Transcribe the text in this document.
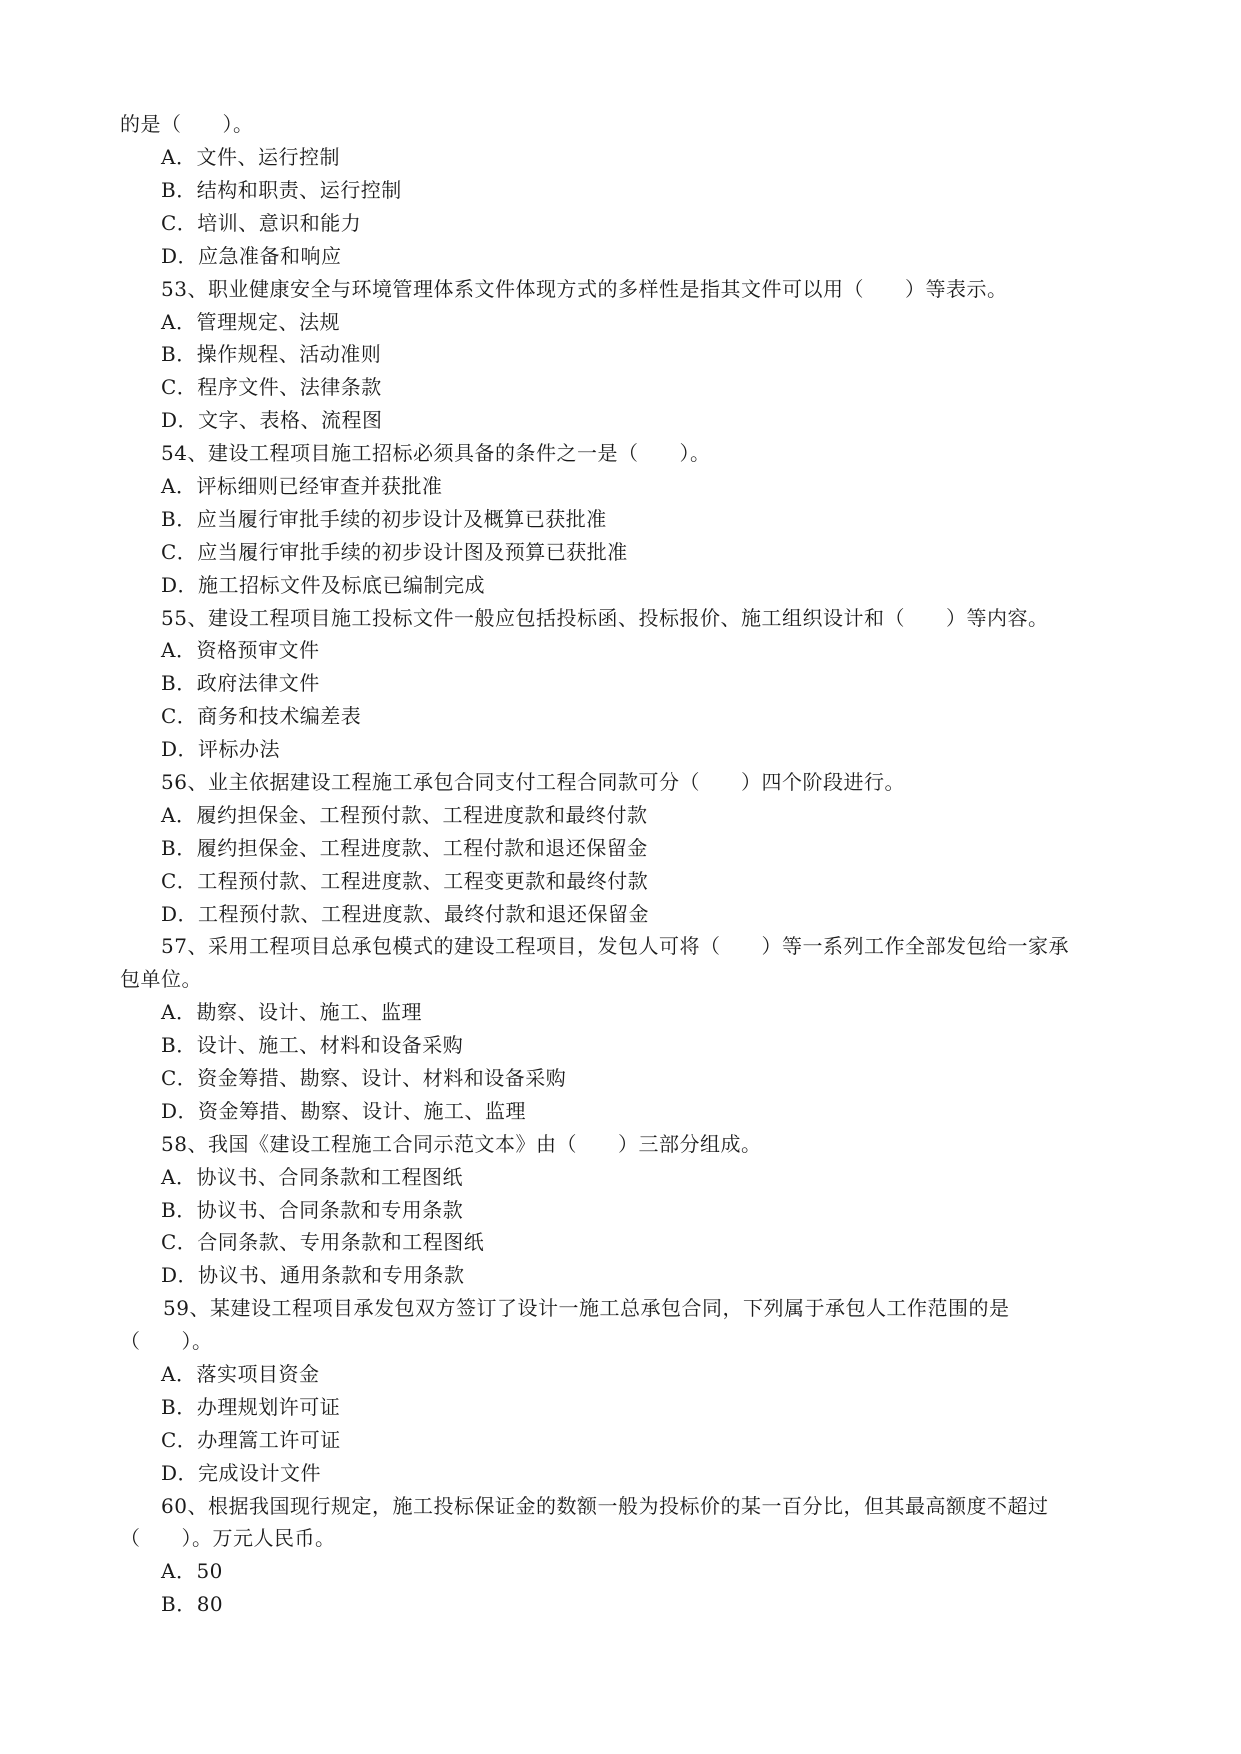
的是（　　）。
A．文件、运行控制
B．结构和职责、运行控制
C．培训、意识和能力
D．应急准备和响应
53、职业健康安全与环境管理体系文件体现方式的多样性是指其文件可以用（　　）等表示。
A．管理规定、法规
B．操作规程、活动准则
C．程序文件、法律条款
D．文字、表格、流程图
54、建设工程项目施工招标必须具备的条件之一是（　　）。
A．评标细则已经审查并获批准
B．应当履行审批手续的初步设计及概算已获批准
C．应当履行审批手续的初步设计图及预算已获批准
D．施工招标文件及标底已编制完成
55、建设工程项目施工投标文件一般应包括投标函、投标报价、施工组织设计和（　　）等内容。
A．资格预审文件
B．政府法律文件
C．商务和技术编差表
D．评标办法
56、业主依据建设工程施工承包合同支付工程合同款可分（　　）四个阶段进行。
A．履约担保金、工程预付款、工程进度款和最终付款
B．履约担保金、工程进度款、工程付款和退还保留金
C．工程预付款、工程进度款、工程变更款和最终付款
D．工程预付款、工程进度款、最终付款和退还保留金
57、采用工程项目总承包模式的建设工程项目，发包人可将（　　）等一系列工作全部发包给一家承
包单位。
A．勘察、设计、施工、监理
B．设计、施工、材料和设备采购
C．资金筹措、勘察、设计、材料和设备采购
D．资金筹措、勘察、设计、施工、监理
58、我国《建设工程施工合同示范文本》由（　　）三部分组成。
A．协议书、合同条款和工程图纸
B．协议书、合同条款和专用条款
C．合同条款、专用条款和工程图纸
D．协议书、通用条款和专用条款
59、某建设工程项目承发包双方签订了设计一施工总承包合同，下列属于承包人工作范围的是
（　　）。
A．落实项目资金
B．办理规划许可证
C．办理篙工许可证
D．完成设计文件
60、根据我国现行规定，施工投标保证金的数额一般为投标价的某一百分比，但其最高额度不超过
（　　）。万元人民币。
A．50
B．80
